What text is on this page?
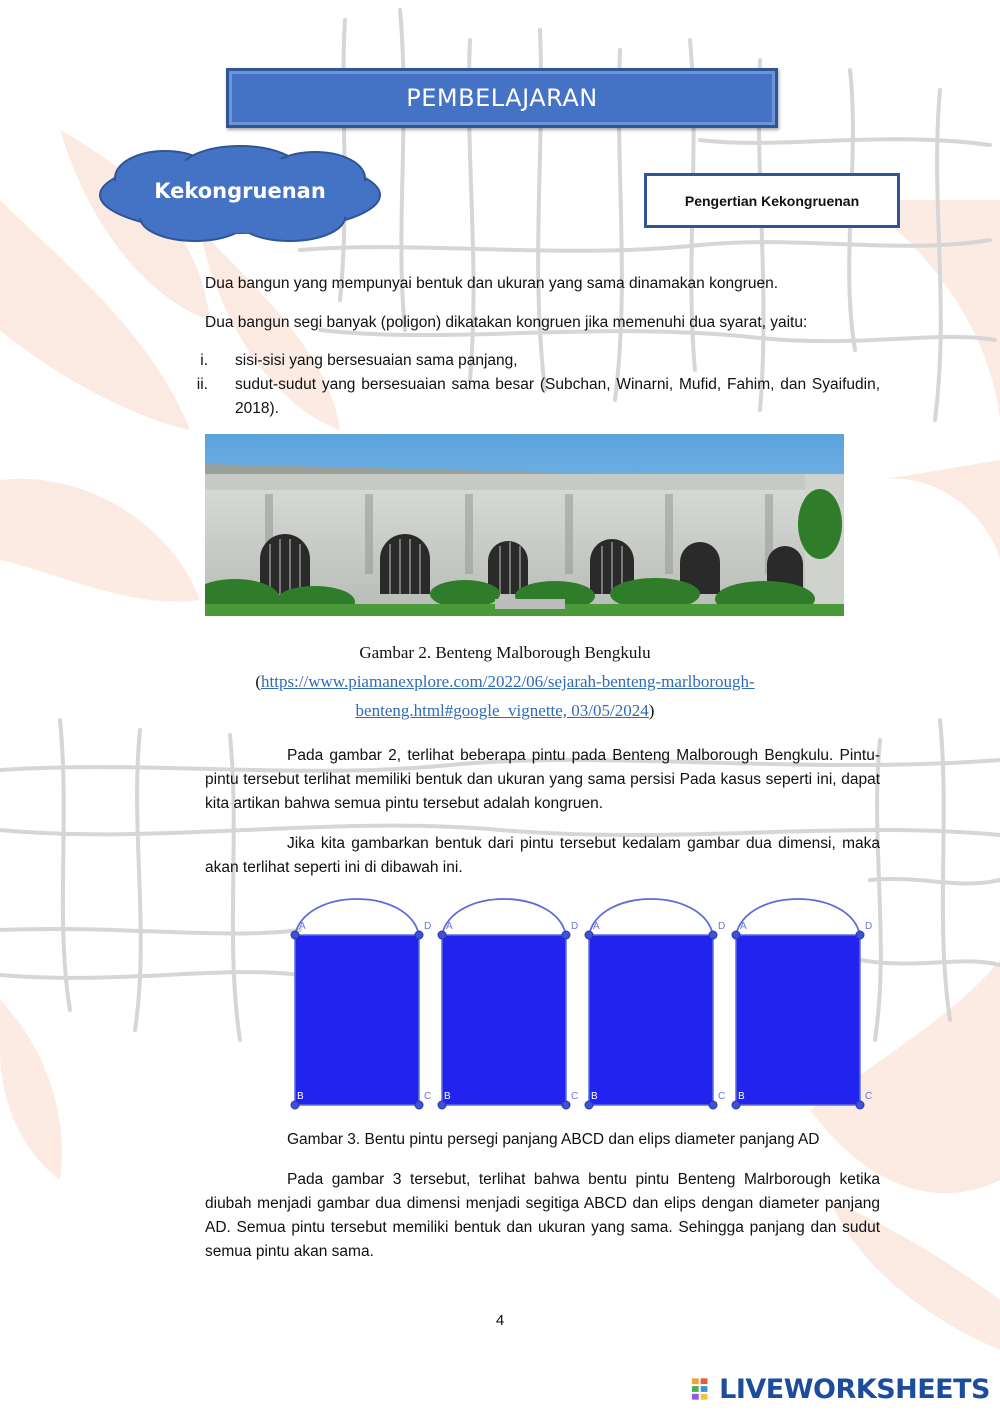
PEMBELAJARAN
Kekongruenan	Pengertian Kekongruenan
Dua bangun yang mempunyai bentuk dan ukuran yang sama dinamakan kongruen.
Dua bangun segi banyak (poligon) dikatakan kongruen jika memenuhi dua syarat, yaitu:
i.	sisi-sisi yang bersesuaian sama panjang,
ii.	sudut-sudut yang bersesuaian sama besar (Subchan, Winarni, Mufid, Fahim, dan Syaifudin, 2018).
Gambar 2. Benteng Malborough Bengkulu
(https://www.piamanexplore.com/2022/06/sejarah-benteng-marlborough-benteng.html#google_vignette, 03/05/2024)
Pada gambar 2, terlihat beberapa pintu pada Benteng Malborough Bengkulu. Pintu-pintu tersebut terlihat memiliki bentuk dan ukuran yang sama persisi Pada kasus seperti ini, dapat kita artikan bahwa semua pintu tersebut adalah kongruen.
Jika kita gambarkan bentuk dari pintu tersebut kedalam gambar dua dimensi, maka akan terlihat seperti ini di dibawah ini.
A
B	C
D A
B	C
D A
B	C
D A
B	C
D
Gambar 3. Bentu pintu persegi panjang ABCD dan elips diameter panjang AD
Pada gambar 3 tersebut, terlihat bahwa bentu pintu Benteng Malrborough ketika diubah menjadi gambar dua dimensi menjadi segitiga ABCD dan elips dengan diameter panjang AD. Semua pintu tersebut memiliki bentuk dan ukuran yang sama. Sehingga panjang dan sudut semua pintu akan sama.
4
LIVEWORKSHEETS
